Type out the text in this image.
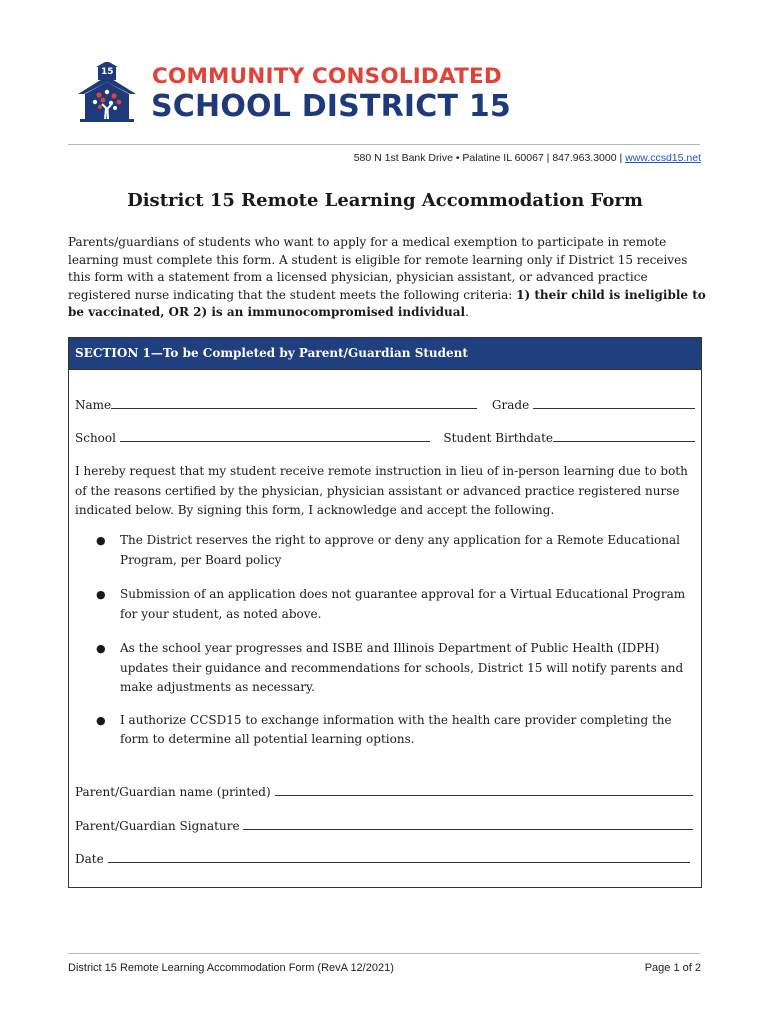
15 COMMUNITY CONSOLIDATED

SCHOOL DISTRICT 15

580 N 1st Bank Drive • Palatine IL 60067 | 847.963.3000 | www.ccsd15.net
District 15 Remote Learning Accommodation Form

Parents/guardians of students who want to apply for a medical exemption to participate in remote learning must complete this form. A student is eligible for remote learning only if District 15 receives this form with a statement from a licensed physician, physician assistant, or advanced practice registered nurse indicating that the student meets the following criteria: 1) their child is ineligible to be vaccinated, OR 2) is an immunocompromised individual.

SECTION 1—To be Completed by Parent/Guardian Student
Name	Grade
School	Student Birthdate

I hereby request that my student receive remote instruction in lieu of in-person learning due to both of the reasons certified by the physician, physician assistant or advanced practice registered nurse indicated below. By signing this form, I acknowledge and accept the following.

● The District reserves the right to approve or deny any application for a Remote Educational Program, per Board policy
● Submission of an application does not guarantee approval for a Virtual Educational Program for your student, as noted above.
● As the school year progresses and ISBE and Illinois Department of Public Health (IDPH) updates their guidance and recommendations for schools, District 15 will notify parents and make adjustments as necessary.
● I authorize CCSD15 to exchange information with the health care provider completing the form to determine all potential learning options.
Parent/Guardian name (printed)
Parent/Guardian Signature
Date
District 15 Remote Learning Accommodation Form (RevA 12/2021)	Page 1 of 2
